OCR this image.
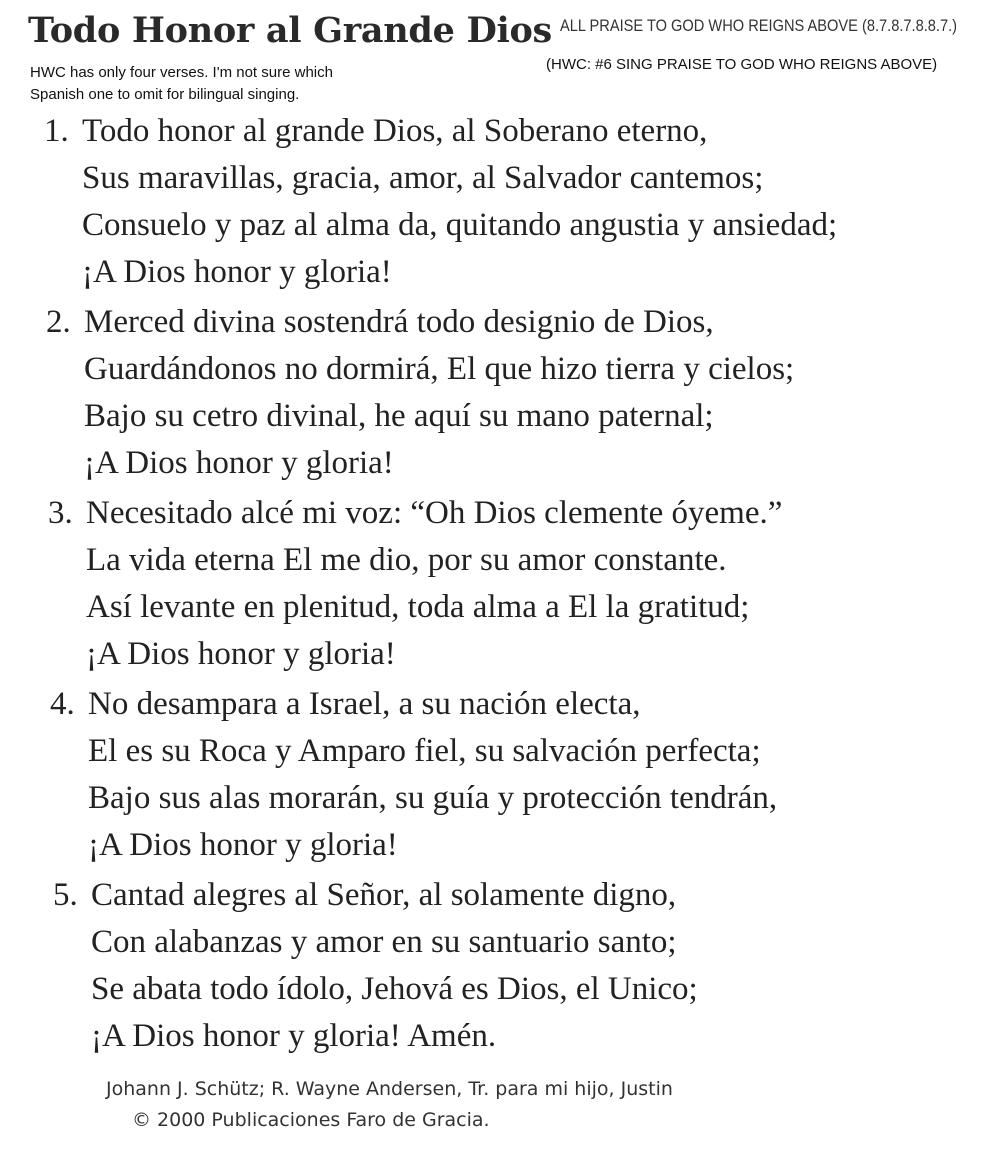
Todo Honor al Grande Dios ALL PRAISE TO GOD WHO REIGNS ABOVE (8.7.8.7.8.8.7.)
HWC has only four verses. I'm not sure which
Spanish one to omit for bilingual singing.
(HWC: #6 SING PRAISE TO GOD WHO REIGNS ABOVE)
1. Todo honor al grande Dios, al Soberano eterno,
Sus maravillas, gracia, amor, al Salvador cantemos;
Consuelo y paz al alma da, quitando angustia y ansiedad;
¡A Dios honor y gloria!
2. Merced divina sostendrá todo designio de Dios,
Guardándonos no dormirá, El que hizo tierra y cielos;
Bajo su cetro divinal, he aquí su mano paternal;
¡A Dios honor y gloria!
3. Necesitado alcé mi voz: “Oh Dios clemente óyeme.”
La vida eterna El me dio, por su amor constante.
Así levante en plenitud, toda alma a El la gratitud;
¡A Dios honor y gloria!
4. No desampara a Israel, a su nación electa,
El es su Roca y Amparo fiel, su salvación perfecta;
Bajo sus alas morarán, su guía y protección tendrán,
¡A Dios honor y gloria!
5. Cantad alegres al Señor, al solamente digno,
Con alabanzas y amor en su santuario santo;
Se abata todo ídolo, Jehová es Dios, el Unico;
¡A Dios honor y gloria! Amén.
Johann J. Schütz; R. Wayne Andersen, Tr. para mi hijo, Justin
© 2000 Publicaciones Faro de Gracia.
